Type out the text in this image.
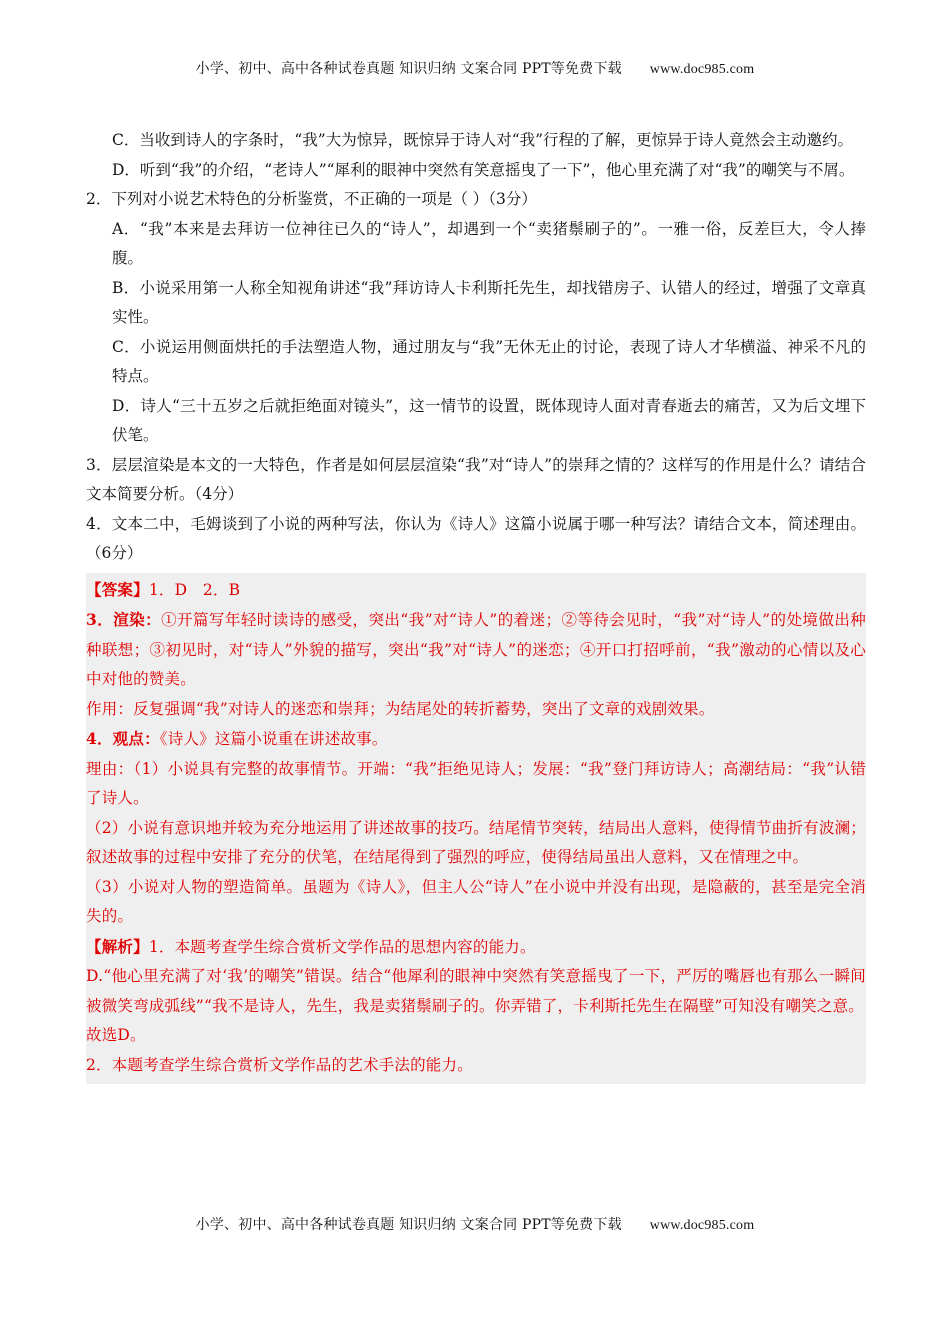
小学、初中、高中各种试卷真题 知识归纳 文案合同 PPT等免费下载 www.doc985.com

C．当收到诗人的字条时，“我”大为惊异，既惊异于诗人对“我”行程的了解，更惊异于诗人竟然会主动邀约。

D．听到“我”的介绍，“老诗人”“犀利的眼神中突然有笑意摇曳了一下”，他心里充满了对“我”的嘲笑与不屑。

2．下列对小说艺术特色的分析鉴赏，不正确的一项是（ ）（3分）

A．“我”本来是去拜访一位神往已久的“诗人”，却遇到一个“卖猪鬃刷子的”。一雅一俗，反差巨大，令人捧腹。

B．小说采用第一人称全知视角讲述“我”拜访诗人卡利斯托先生，却找错房子、认错人的经过，增强了文章真实性。

C．小说运用侧面烘托的手法塑造人物，通过朋友与“我”无休无止的讨论，表现了诗人才华横溢、神采不凡的特点。

D．诗人“三十五岁之后就拒绝面对镜头”，这一情节的设置，既体现诗人面对青春逝去的痛苦，又为后文埋下伏笔。

3．层层渲染是本文的一大特色，作者是如何层层渲染“我”对“诗人”的崇拜之情的？这样写的作用是什么？请结合文本简要分析。（4分）

4．文本二中，毛姆谈到了小说的两种写法，你认为《诗人》这篇小说属于哪一种写法？请结合文本，简述理由。（6分）

【答案】1．D　2．B

3．渲染：①开篇写年轻时读诗的感受，突出“我”对“诗人”的着迷；②等待会见时，“我”对“诗人”的处境做出种种联想；③初见时，对“诗人”外貌的描写，突出“我”对“诗人”的迷恋；④开口打招呼前，“我”激动的心情以及心中对他的赞美。

作用：反复强调“我”对诗人的迷恋和崇拜；为结尾处的转折蓄势，突出了文章的戏剧效果。

4．观点：《诗人》这篇小说重在讲述故事。

理由：（1）小说具有完整的故事情节。开端：“我”拒绝见诗人；发展：“我”登门拜访诗人；高潮结局：“我”认错了诗人。

（2）小说有意识地并较为充分地运用了讲述故事的技巧。结尾情节突转，结局出人意料，使得情节曲折有波澜；叙述故事的过程中安排了充分的伏笔，在结尾得到了强烈的呼应，使得结局虽出人意料，又在情理之中。

（3）小说对人物的塑造简单。虽题为《诗人》，但主人公“诗人”在小说中并没有出现，是隐蔽的，甚至是完全消失的。

【解析】1．本题考查学生综合赏析文学作品的思想内容的能力。

D.“他心里充满了对‘我’的嘲笑”错误。结合“他犀利的眼神中突然有笑意摇曳了一下，严厉的嘴唇也有那么一瞬间被微笑弯成弧线”“我不是诗人，先生，我是卖猪鬃刷子的。你弄错了，卡利斯托先生在隔壁”可知没有嘲笑之意。

故选D。

2．本题考查学生综合赏析文学作品的艺术手法的能力。

小学、初中、高中各种试卷真题 知识归纳 文案合同 PPT等免费下载 www.doc985.com
